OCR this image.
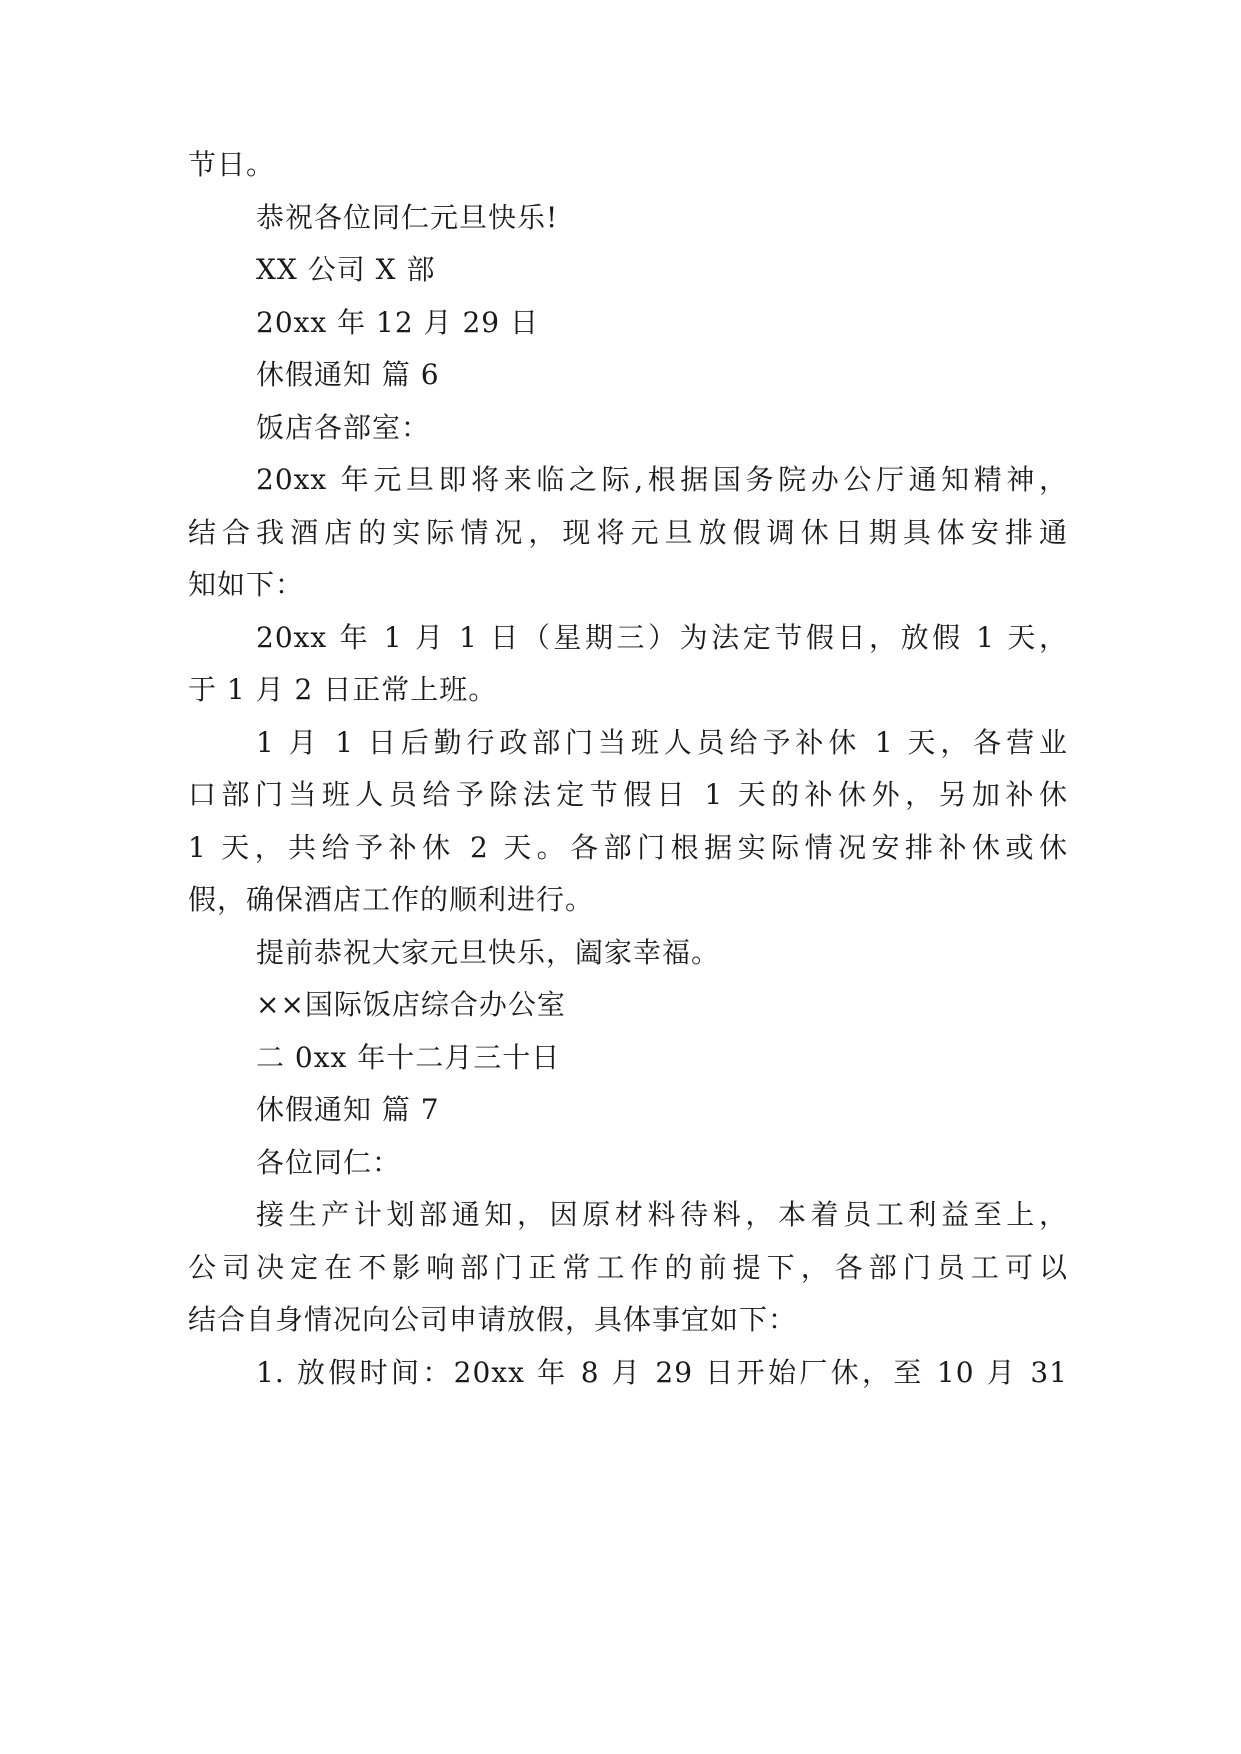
节日。
恭祝各位同仁元旦快乐!
XX 公司 X 部
20xx 年 12 月 29 日
休假通知 篇 6
饭店各部室：
20xx 年元旦即将来临之际,根据国务院办公厅通知精神，
结合我酒店的实际情况，现将元旦放假调休日期具体安排通
知如下：
20xx 年 1 月 1 日（星期三）为法定节假日，放假 1 天，
于 1 月 2 日正常上班。
1 月 1 日后勤行政部门当班人员给予补休 1 天，各营业
口部门当班人员给予除法定节假日 1 天的补休外，另加补休
1 天，共给予补休 2 天。各部门根据实际情况安排补休或休
假，确保酒店工作的顺利进行。
提前恭祝大家元旦快乐，阖家幸福。
××国际饭店综合办公室
二 0xx 年十二月三十日
休假通知 篇 7
各位同仁：
接生产计划部通知，因原材料待料，本着员工利益至上，
公司决定在不影响部门正常工作的前提下，各部门员工可以
结合自身情况向公司申请放假，具体事宜如下：
1. 放假时间：20xx 年 8 月 29 日开始厂休，至 10 月 31
